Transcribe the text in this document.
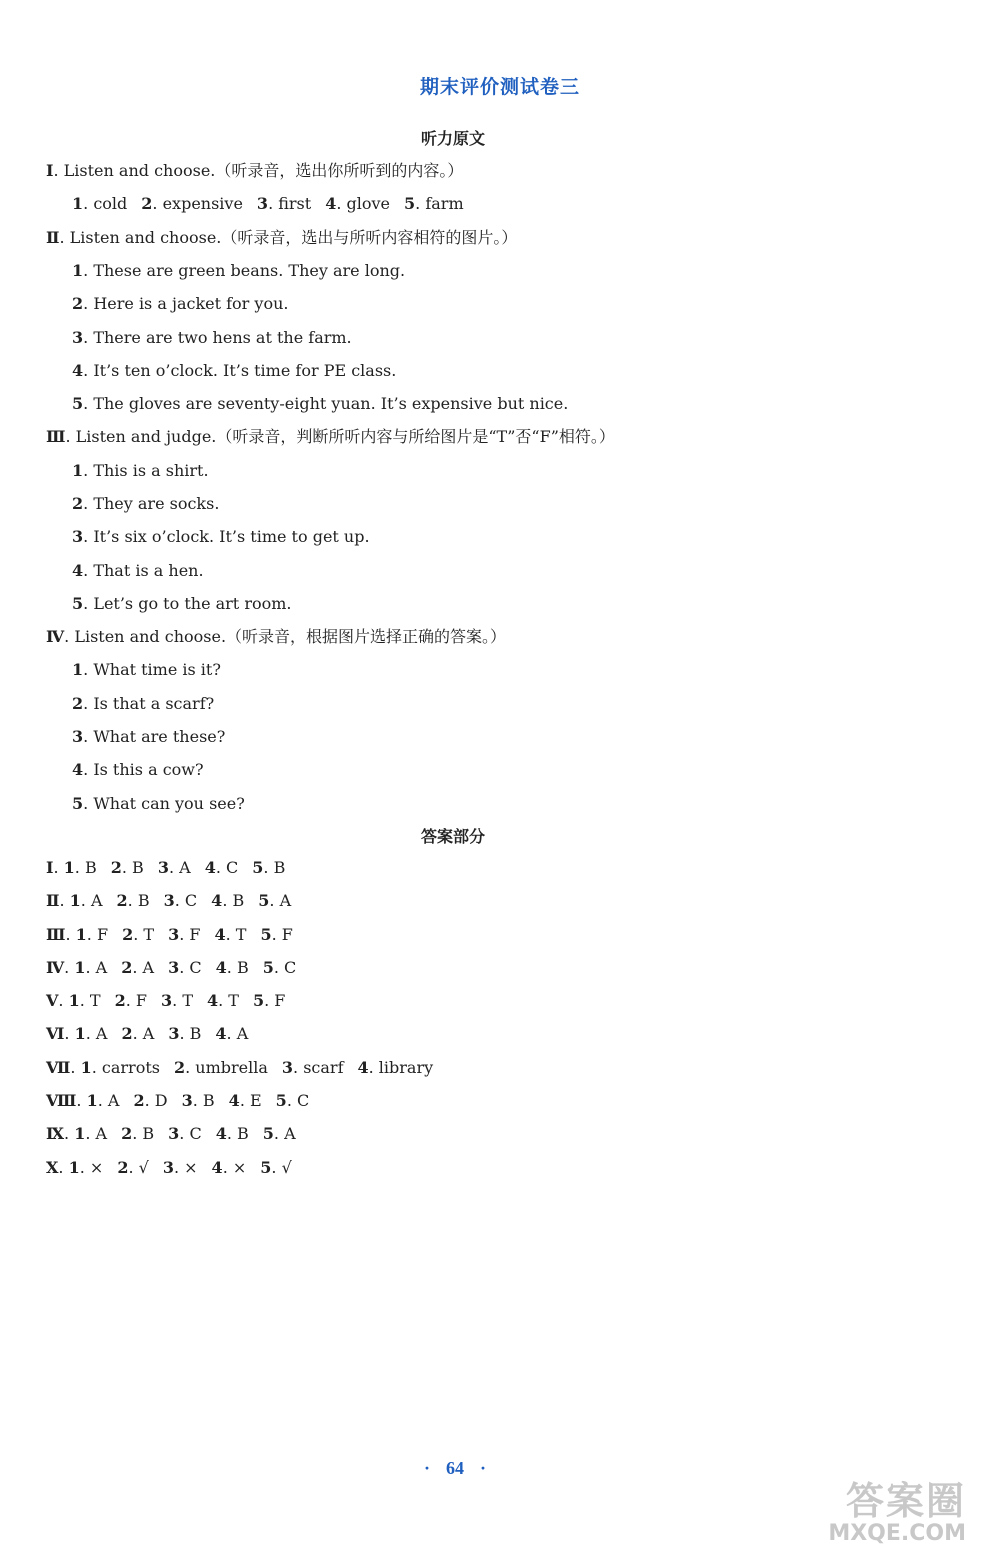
期末评价测试卷三
听力原文
Ⅰ. Listen and choose.（听录音，选出你所听到的内容。）
1. cold 2. expensive 3. first 4. glove 5. farm
Ⅱ. Listen and choose.（听录音，选出与所听内容相符的图片。）
1. These are green beans. They are long.
2. Here is a jacket for you.
3. There are two hens at the farm.
4. It’s ten o’clock. It’s time for PE class.
5. The gloves are seventy-eight yuan. It’s expensive but nice.
Ⅲ. Listen and judge.（听录音，判断所听内容与所给图片是“T”否“F”相符。）
1. This is a shirt.
2. They are socks.
3. It’s six o’clock. It’s time to get up.
4. That is a hen.
5. Let’s go to the art room.
Ⅳ. Listen and choose.（听录音，根据图片选择正确的答案。）
1. What time is it?
2. Is that a scarf?
3. What are these?
4. Is this a cow?
5. What can you see?
答案部分
Ⅰ. 1. B 2. B 3. A 4. C 5. B
Ⅱ. 1. A 2. B 3. C 4. B 5. A
Ⅲ. 1. F 2. T 3. F 4. T 5. F
Ⅳ. 1. A 2. A 3. C 4. B 5. C
Ⅴ. 1. T 2. F 3. T 4. T 5. F
Ⅵ. 1. A 2. A 3. B 4. A
Ⅶ. 1. carrots 2. umbrella 3. scarf 4. library
Ⅷ. 1. A 2. D 3. B 4. E 5. C
Ⅸ. 1. A 2. B 3. C 4. B 5. A
Ⅹ. 1. × 2. √ 3. × 4. × 5. √
· 64 ·
答案圈
MXQE.COM
